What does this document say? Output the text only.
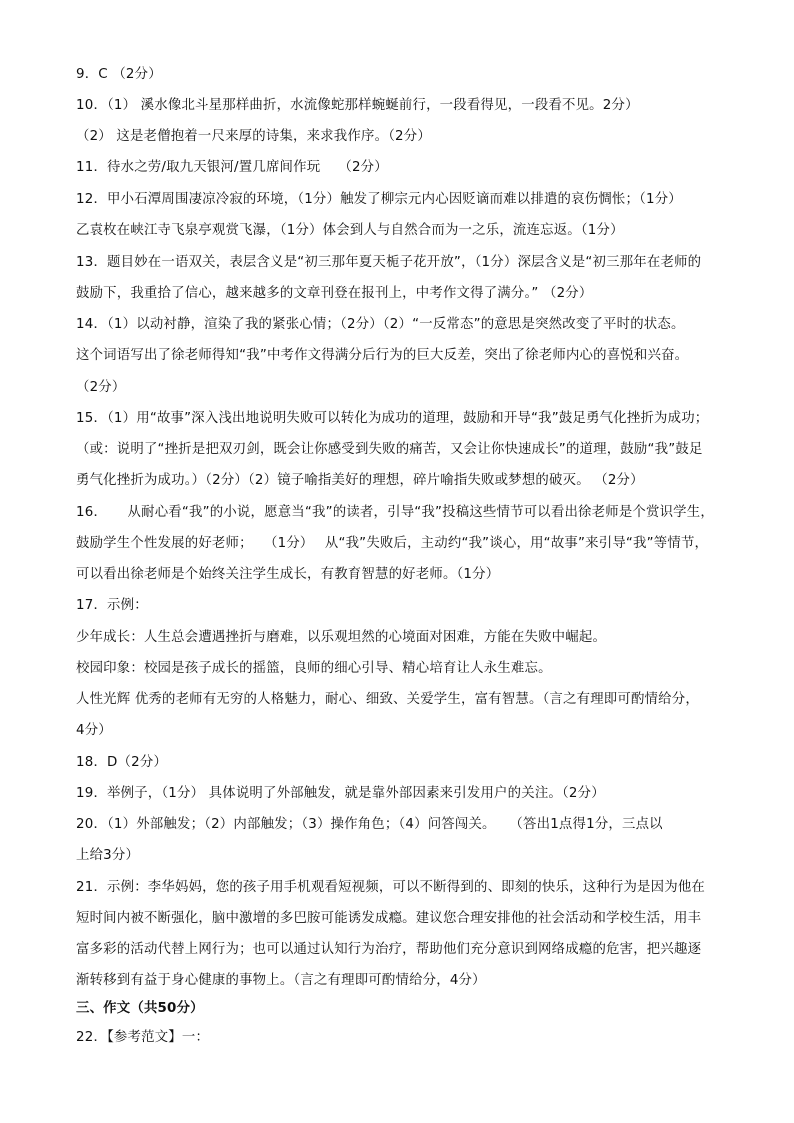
9．C （2分）
10．（1） 溪水像北斗星那样曲折，水流像蛇那样蜿蜒前行，一段看得见，一段看不见。2分）
（2） 这是老僧抱着一尺来厚的诗集，来求我作序。（2分）
11．待水之劳/取九天银河/置几席间作玩　 （2分）
12．甲小石潭周围凄凉冷寂的环境，（1分）触发了柳宗元内心因贬谪而难以排遣的哀伤惆怅；（1分）
乙袁枚在峡江寺飞泉亭观赏飞瀑，（1分）体会到人与自然合而为一之乐，流连忘返。（1分）
13．题目妙在一语双关，表层含义是“初三那年夏天栀子花开放”，（1分）深层含义是“初三那年在老师的
鼓励下，我重拾了信心，越来越多的文章刊登在报刊上，中考作文得了满分。” （2分）
14．（1）以动衬静，渲染了我的紧张心情；（2分）（2）“一反常态”的意思是突然改变了平时的状态。
这个词语写出了徐老师得知“我”中考作文得满分后行为的巨大反差，突出了徐老师内心的喜悦和兴奋。
（2分）
15．（1）用“故事”深入浅出地说明失败可以转化为成功的道理，鼓励和开导“我”鼓足勇气化挫折为成功；
（或：说明了“挫折是把双刃剑，既会让你感受到失败的痛苦，又会让你快速成长”的道理，鼓励“我”鼓足
勇气化挫折为成功。）（2分）（2）镜子喻指美好的理想，碎片喻指失败或梦想的破灭。 （2分）
16．　　从耐心看“我”的小说，愿意当“我”的读者，引导“我”投稿这些情节可以看出徐老师是个赏识学生，
鼓励学生个性发展的好老师；　 （1分）　 从“我”失败后，主动约“我”谈心，用“故事”来引导“我”等情节，
可以看出徐老师是个始终关注学生成长，有教育智慧的好老师。（1分）
17．示例：
少年成长：人生总会遭遇挫折与磨难，以乐观坦然的心境面对困难，方能在失败中崛起。
校园印象：校园是孩子成长的摇篮，良师的细心引导、精心培育让人永生难忘。
人性光辉 优秀的老师有无穷的人格魅力，耐心、细致、关爱学生，富有智慧。（言之有理即可酌情给分，
4分）
18．D（2分）
19．举例子，（1分） 具体说明了外部触发，就是靠外部因素来引发用户的关注。（2分）
20．（1）外部触发；（2）内部触发；（3）操作角色；（4）问答闯关。　　（答出1点得1分，三点以
上给3分）
21．示例：李华妈妈，您的孩子用手机观看短视频，可以不断得到的、即刻的快乐，这种行为是因为他在
短时间内被不断强化，脑中激增的多巴胺可能诱发成瘾。建议您合理安排他的社会活动和学校生活，用丰
富多彩的活动代替上网行为；也可以通过认知行为治疗，帮助他们充分意识到网络成瘾的危害，把兴趣逐
渐转移到有益于身心健康的事物上。（言之有理即可酌情给分，4分）
三、作文（共50分）
22．【参考范文】一：
